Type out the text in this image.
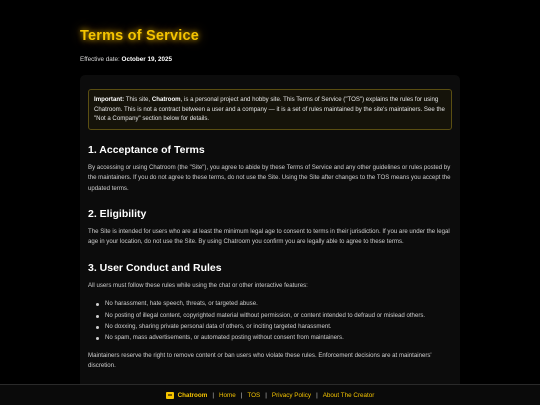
Terms of Service
Effective date: October 19, 2025
Important: This site, Chatroom, is a personal project and hobby site. This Terms of Service ("TOS") explains the rules for using Chatroom. This is not a contract between a user and a company — it is a set of rules maintained by the site's maintainers. See the "Not a Company" section below for details.
1. Acceptance of Terms

By accessing or using Chatroom (the "Site"), you agree to abide by these Terms of Service and any other guidelines or rules posted by the maintainers. If you do not agree to these terms, do not use the Site. Using the Site after changes to the TOS means you accept the updated terms.

2. Eligibility

The Site is intended for users who are at least the minimum legal age to consent to terms in their jurisdiction. If you are under the legal age in your location, do not use the Site. By using Chatroom you confirm you are legally able to agree to these terms.

3. User Conduct and Rules

All users must follow these rules while using the chat or other interactive features:

No harassment, hate speech, threats, or targeted abuse.
No posting of illegal content, copyrighted material without permission, or content intended to defraud or mislead others.
No doxxing, sharing private personal data of others, or inciting targeted harassment.
No spam, mass advertisements, or automated posting without consent from maintainers.

Maintainers reserve the right to remove content or ban users who violate these rules. Enforcement decisions are at maintainers' discretion.

Chatroom | Home | TOS | Privacy Policy | About The Creator
